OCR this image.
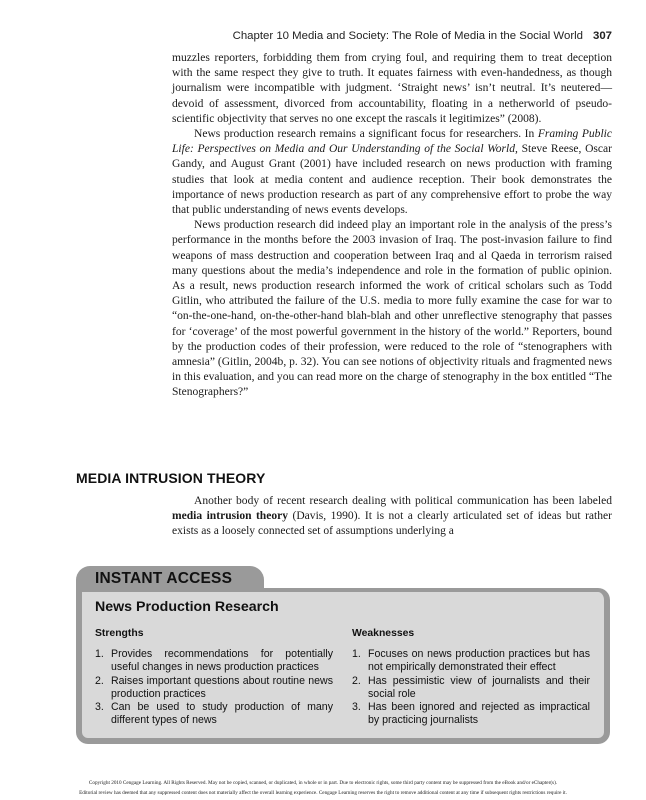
Chapter 10 Media and Society: The Role of Media in the Social World 307

muzzles reporters, forbidding them from crying foul, and requiring them to treat deception with the same respect they give to truth. It equates fairness with even-handedness, as though journalism were incompatible with judgment. ‘Straight news’ isn’t neutral. It’s neutered—devoid of assessment, divorced from accountability, floating in a netherworld of pseudo-scientific objectivity that serves no one except the rascals it legitimizes” (2008).

News production research remains a significant focus for researchers. In Framing Public Life: Perspectives on Media and Our Understanding of the Social World, Steve Reese, Oscar Gandy, and August Grant (2001) have included research on news production with framing studies that look at media content and audience reception. Their book demonstrates the importance of news production research as part of any comprehensive effort to probe the way that public understanding of news events develops.

News production research did indeed play an important role in the analysis of the press’s performance in the months before the 2003 invasion of Iraq. The post-invasion failure to find weapons of mass destruction and cooperation between Iraq and al Qaeda in terrorism raised many questions about the media’s independence and role in the formation of public opinion. As a result, news production research informed the work of critical scholars such as Todd Gitlin, who attributed the failure of the U.S. media to more fully examine the case for war to “on-the-one-hand, on-the-other-hand blah-blah and other unreflective stenography that passes for ‘coverage’ of the most powerful government in the history of the world.” Reporters, bound by the production codes of their profession, were reduced to the role of “stenographers with amnesia” (Gitlin, 2004b, p. 32). You can see notions of objectivity rituals and fragmented news in this evaluation, and you can read more on the charge of stenography in the box entitled “The Stenographers?”

MEDIA INTRUSION THEORY

Another body of recent research dealing with political communication has been labeled media intrusion theory (Davis, 1990). It is not a clearly articulated set of ideas but rather exists as a loosely connected set of assumptions underlying a

INSTANT ACCESS
News Production Research
Strengths
1. Provides recommendations for potentially useful changes in news production practices
2. Raises important questions about routine news production practices
3. Can be used to study production of many different types of news
Weaknesses
1. Focuses on news production practices but has not empirically demonstrated their effect
2. Has pessimistic view of journalists and their social role
3. Has been ignored and rejected as impractical by practicing journalists
Copyright 2010 Cengage Learning. All Rights Reserved. May not be copied, scanned, or duplicated, in whole or in part. Due to electronic rights, some third party content may be suppressed from the eBook and/or eChapter(s).
Editorial review has deemed that any suppressed content does not materially affect the overall learning experience. Cengage Learning reserves the right to remove additional content at any time if subsequent rights restrictions require it.
